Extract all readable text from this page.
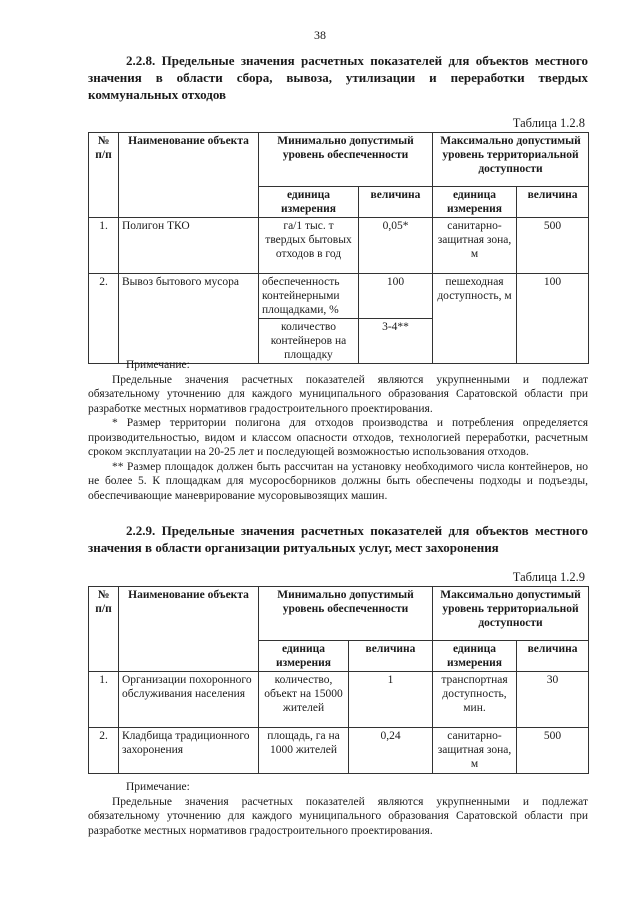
38
2.2.8. Предельные значения расчетных показателей для объектов местного значения в области сбора, вывоза, утилизации и переработки твердых коммунальных отходов
Таблица 1.2.8
№ п/п	Наименование объекта	Минимально допустимый уровень обеспеченности		Максимально допустимый уровень территориальной доступности	
		единица измерения	величина	единица измерения	величина
1.	Полигон ТКО	га/1 тыс. т твердых бытовых отходов в год	0,05*	санитарно-защитная зона, м	500
2.	Вывоз бытового мусора	обеспеченность контейнерными площадками, %	100	пешеходная доступность, м	100
		количество контейнеров на площадку	3-4**		

Примечание:

Предельные значения расчетных показателей являются укрупненными и подлежат обязательному уточнению для каждого муниципального образования Саратовской области при разработке местных нормативов градостроительного проектирования.

* Размер территории полигона для отходов производства и потребления определяется производительностью, видом и классом опасности отходов, технологией переработки, расчетным сроком эксплуатации на 20-25 лет и последующей возможностью использования отходов.

** Размер площадок должен быть рассчитан на установку необходимого числа контейнеров, но не более 5. К площадкам для мусоросборников должны быть обеспечены подходы и подъезды, обеспечивающие маневрирование мусоровывозящих машин.

2.2.9. Предельные значения расчетных показателей для объектов местного значения в области организации ритуальных услуг, мест захоронения
Таблица 1.2.9
№ п/п	Наименование объекта	Минимально допустимый уровень обеспеченности		Максимально допустимый уровень территориальной доступности	
		единица измерения	величина	единица измерения	величина
1.	Организации похоронного обслуживания населения	количество, объект на 15000 жителей	1	транспортная доступность, мин.	30
2.	Кладбища традиционного захоронения	площадь, га на 1000 жителей	0,24	санитарно-защитная зона, м	500

Примечание:

Предельные значения расчетных показателей являются укрупненными и подлежат обязательному уточнению для каждого муниципального образования Саратовской области при разработке местных нормативов градостроительного проектирования.
